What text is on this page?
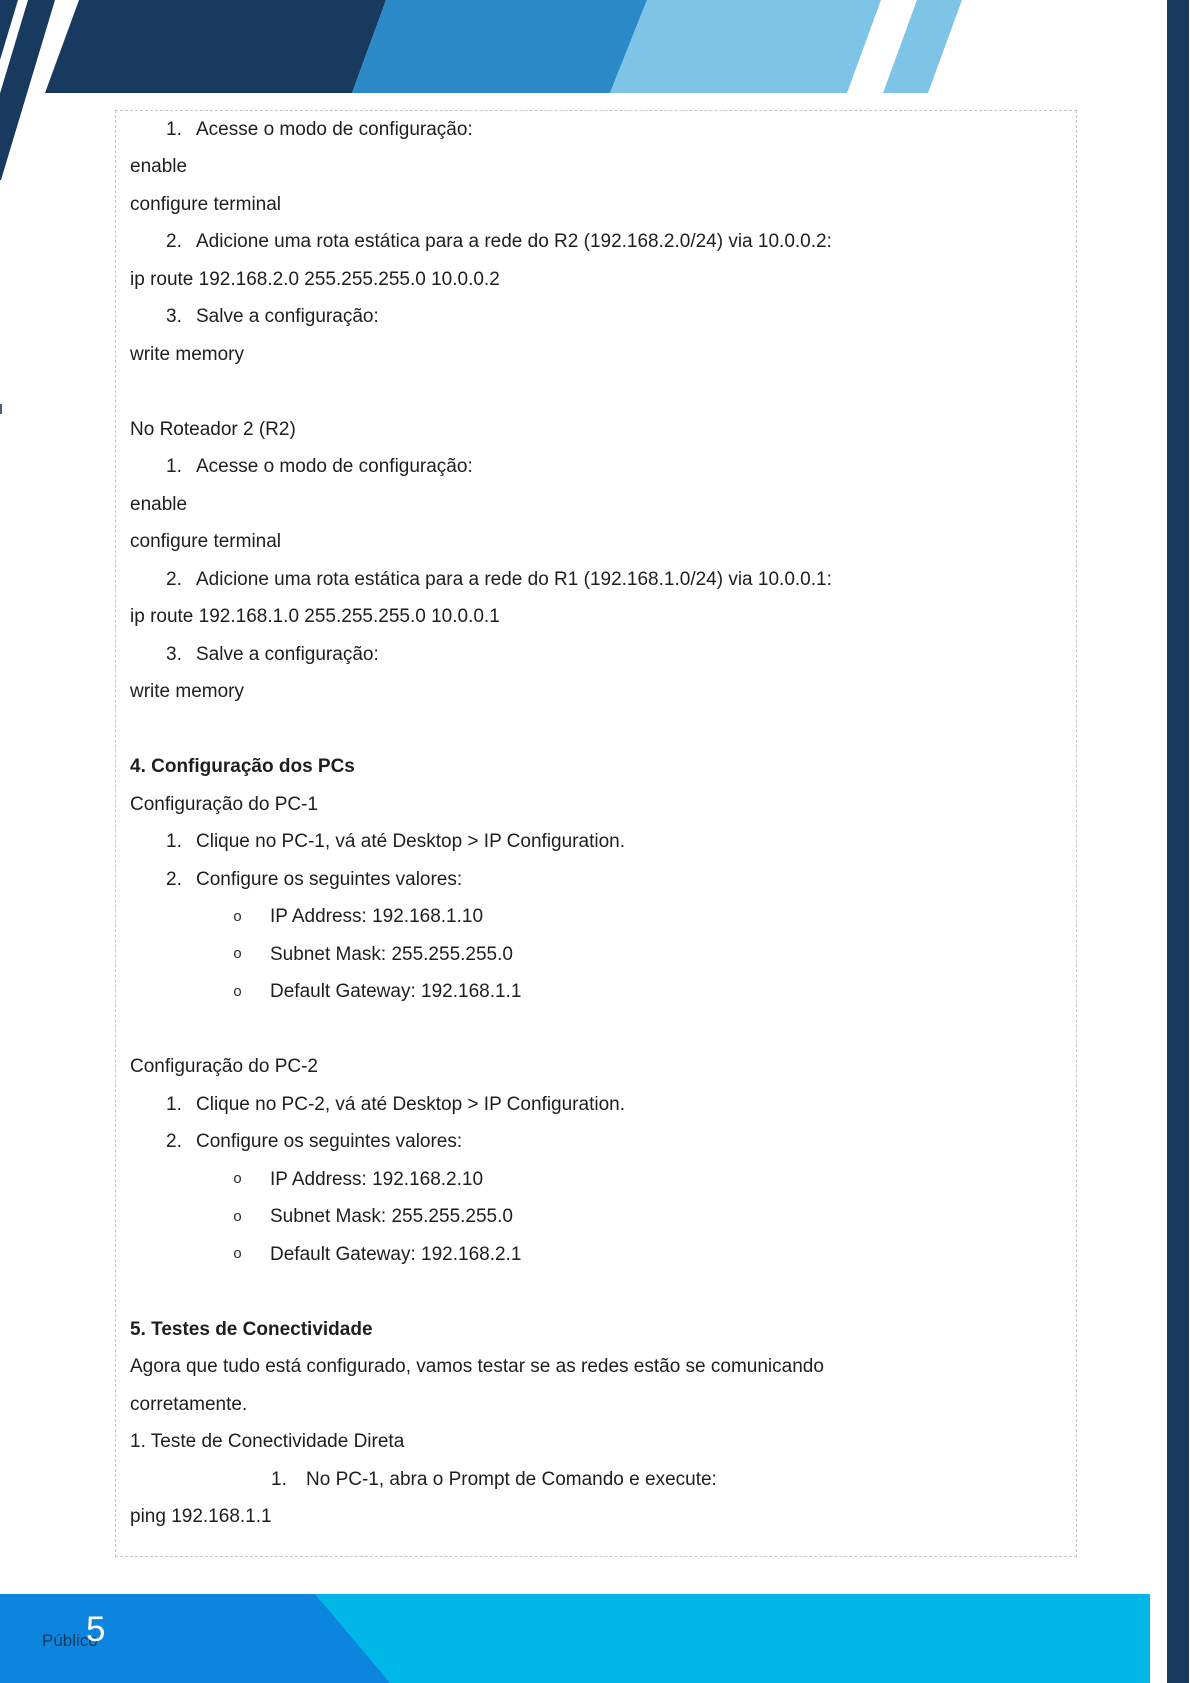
1. Acesse o modo de configuração:
enable
configure terminal
2. Adicione uma rota estática para a rede do R2 (192.168.2.0/24) via 10.0.0.2:
ip route 192.168.2.0 255.255.255.0 10.0.0.2
3. Salve a configuração:
write memory
No Roteador 2 (R2)
1. Acesse o modo de configuração:
enable
configure terminal
2. Adicione uma rota estática para a rede do R1 (192.168.1.0/24) via 10.0.0.1:
ip route 192.168.1.0 255.255.255.0 10.0.0.1
3. Salve a configuração:
write memory
4. Configuração dos PCs
Configuração do PC-1
1. Clique no PC-1, vá até Desktop > IP Configuration.
2. Configure os seguintes valores:
o	IP Address: 192.168.1.10
o	Subnet Mask: 255.255.255.0
o	Default Gateway: 192.168.1.1
Configuração do PC-2
1. Clique no PC-2, vá até Desktop > IP Configuration.
2. Configure os seguintes valores:
o	IP Address: 192.168.2.10
o	Subnet Mask: 255.255.255.0
o	Default Gateway: 192.168.2.1
5. Testes de Conectividade
Agora que tudo está configurado, vamos testar se as redes estão se comunicando
corretamente.
1. Teste de Conectividade Direta
1.	No PC-1, abra o Prompt de Comando e execute:
ping 192.168.1.1
Público
5
